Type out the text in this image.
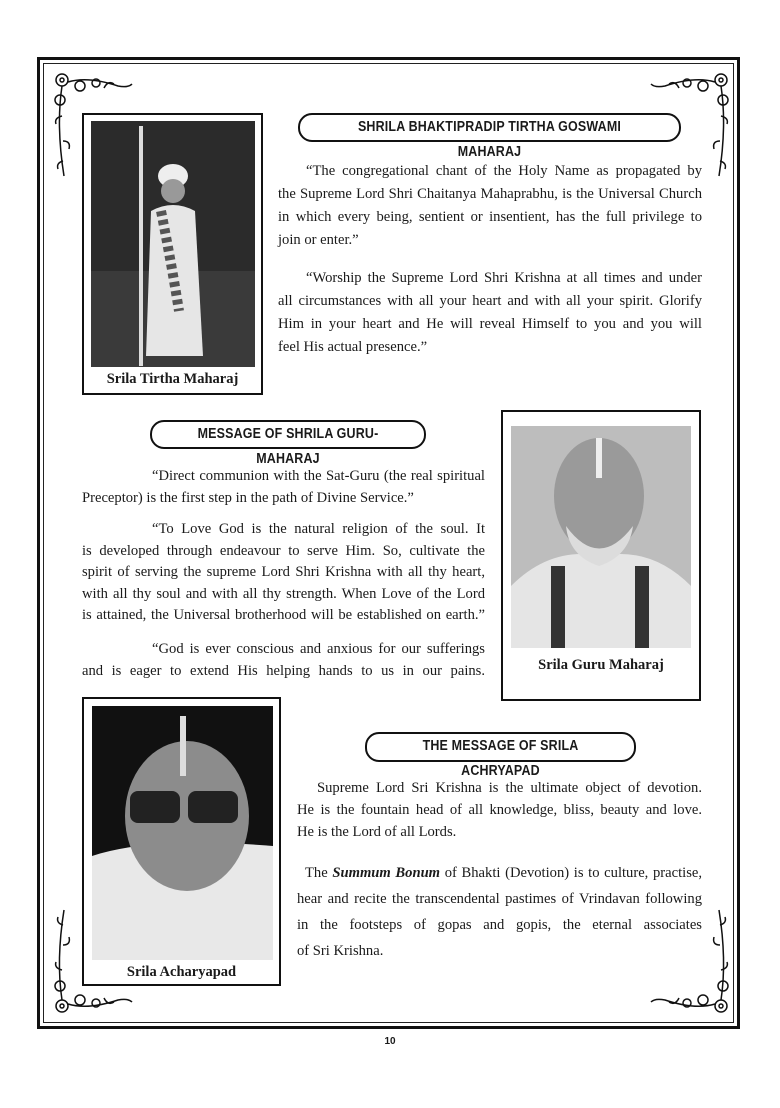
Srila Tirtha Maharaj
SHRILA BHAKTIPRADIP TIRTHA GOSWAMI MAHARAJ
“The congregational chant of the Holy Name as propagated by
the Supreme Lord Shri Chaitanya Mahaprabhu, is the Universal Church
in which every being, sentient or insentient, has the full privilege to
join or enter.”
“Worship the Supreme Lord Shri Krishna at all times and under
all circumstances with all your heart and with all your spirit. Glorify
Him in your heart and He will reveal Himself to you and you will
feel His actual presence.”
MESSAGE OF SHRILA GURU-MAHARAJ
“Direct communion with the Sat-Guru (the real spiritual
Preceptor) is the first step in the path of Divine Service.”
“To Love God is the natural religion of the soul. It
is developed through endeavour to serve Him. So, cultivate the
spirit of serving the supreme Lord Shri Krishna with all thy heart,
with all thy soul and with all thy strength. When Love of the Lord
is attained, the Universal brotherhood will be established on earth.”
“God is ever conscious and anxious for our sufferings
and is eager to extend His helping hands to us in our pains.	Srila Guru Maharaj
Srila Acharyapad
THE MESSAGE OF SRILA ACHRYAPAD
Supreme Lord Sri Krishna is the ultimate object of devotion.
He is the fountain head of all knowledge, bliss, beauty and love.
He is the Lord of all Lords.
The Summum Bonum of Bhakti (Devotion) is to culture, practise,
hear and recite the transcendental pastimes of Vrindavan following
in the footsteps of gopas and gopis, the eternal associates
of Sri Krishna.
10
